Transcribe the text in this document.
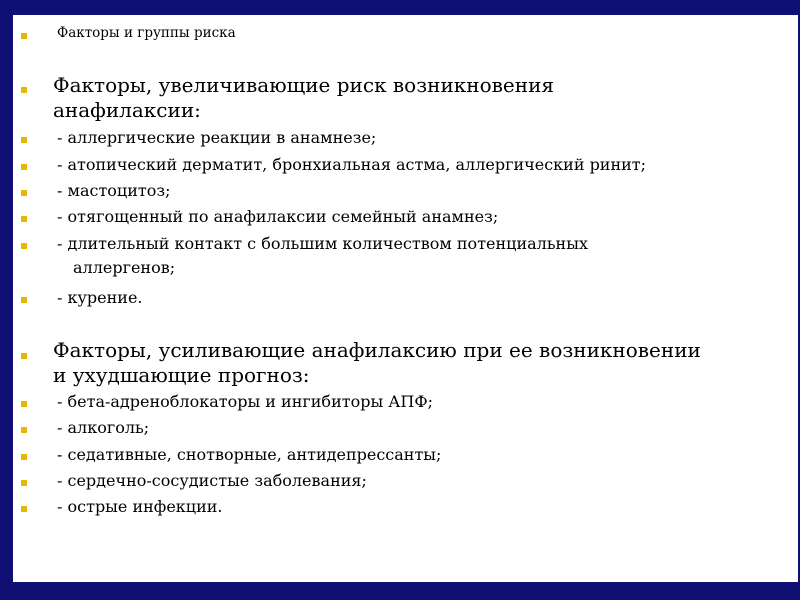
Факторы и группы риска
Факторы, увеличивающие риск возникновения
анафилаксии:
- аллергические реакции в анамнезе;
- атопический дерматит, бронхиальная астма, аллергический ринит;
- мастоцитоз;
- отягощенный по анафилаксии семейный анамнез;
- длительный контакт с большим количеством потенциальных
аллергенов;
- курение.
Факторы, усиливающие анафилаксию при ее возникновении
и ухудшающие прогноз:
- бета-адреноблокаторы и ингибиторы АПФ;
- алкоголь;
- седативные, снотворные, антидепрессанты;
- сердечно-сосудистые заболевания;
- острые инфекции.
